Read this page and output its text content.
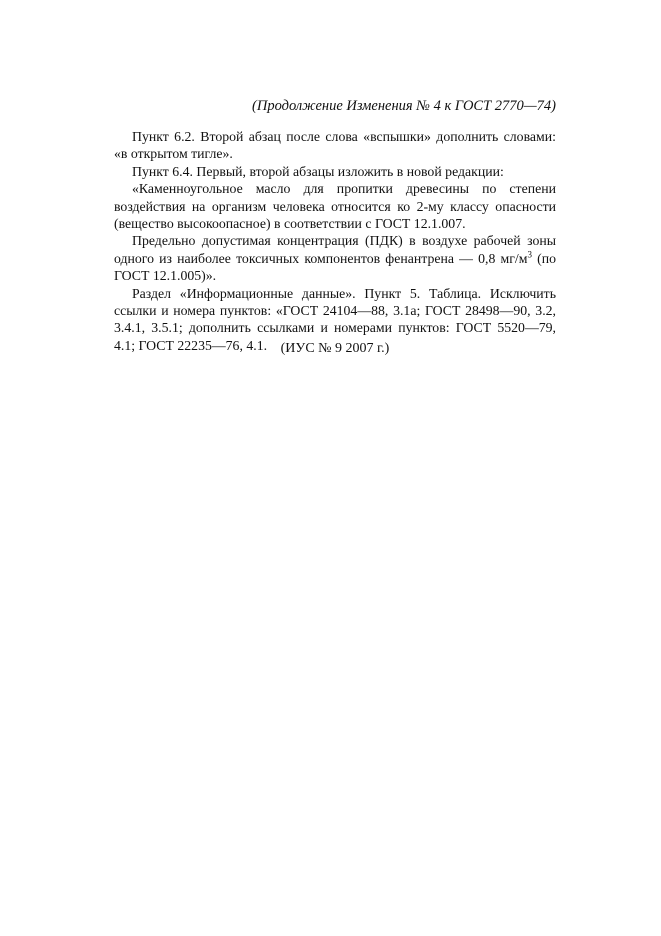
(Продолжение Изменения № 4 к ГОСТ 2770—74)

Пункт 6.2. Второй абзац после слова «вспышки» дополнить словами: «в открытом тигле».

Пункт 6.4. Первый, второй абзацы изложить в новой редакции:

«Каменноугольное масло для пропитки древесины по степени воздействия на организм человека относится ко 2-му классу опасности (вещество высокоопасное) в соответствии с ГОСТ 12.1.007.

Предельно допустимая концентрация (ПДК) в воздухе рабочей зоны одного из наиболее токсичных компонентов фенантрена — 0,8 $мг/м^3$ (по ГОСТ 12.1.005)».

Раздел «Информационные данные». Пункт 5. Таблица. Исключить ссылки и номера пунктов: «ГОСТ 24104—88, 3.1а; ГОСТ 28498—90, 3.2, 3.4.1, 3.5.1; дополнить ссылками и номерами пунктов: ГОСТ 5520—79, 4.1; ГОСТ 22235—76, 4.1. (ИУС № 9 2007 г.)
